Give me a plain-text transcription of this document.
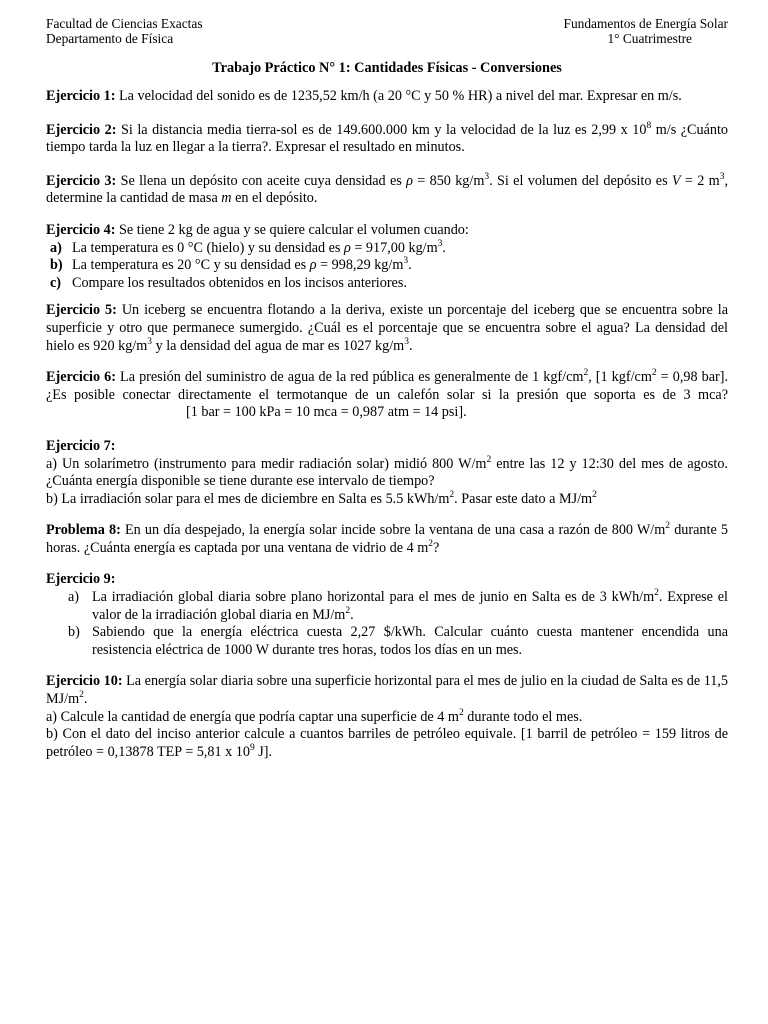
Facultad de Ciencias Exactas
Departamento de Física
Fundamentos de Energía Solar
1° Cuatrimestre
Trabajo Práctico N° 1: Cantidades Físicas - Conversiones

Ejercicio 1: La velocidad del sonido es de 1235,52 km/h (a 20 °C y 50 % HR) a nivel del mar. Expresar en m/s.

Ejercicio 2: Si la distancia media tierra-sol es de 149.600.000 km y la velocidad de la luz es 2,99 x $10^8$ m/s ¿Cuánto tiempo tarda la luz en llegar a la tierra?. Expresar el resultado en minutos.

Ejercicio 3: Se llena un depósito con aceite cuya densidad es ρ = 850 $kg/m^3$. Si el volumen del depósito es V = 2 $m^3$, determine la cantidad de masa m en el depósito.

Ejercicio 4: Se tiene 2 kg de agua y se quiere calcular el volumen cuando:

a) La temperatura es 0 °C (hielo) y su densidad es ρ = 917,00 $kg/m^3$.
b) La temperatura es 20 °C y su densidad es ρ = 998,29 $kg/m^3$.
c) Compare los resultados obtenidos en los incisos anteriores.

Ejercicio 5: Un iceberg se encuentra flotando a la deriva, existe un porcentaje del iceberg que se encuentra sobre la superficie y otro que permanece sumergido. ¿Cuál es el porcentaje que se encuentra sobre el agua? La densidad del hielo es 920 $kg/m^3$ y la densidad del agua de mar es 1027 $kg/m^3$.

Ejercicio 6: La presión del suministro de agua de la red pública es generalmente de 1 kgf/$cm^2$, [1 kgf/$cm^2 = 0,98$ bar]. ¿Es posible conectar directamente el termotanque de un calefón solar si la presión que soporta es de 3 mca? [1 bar = 100 kPa = 10 mca = 0,987 atm = 14 psi].

Ejercicio 7:

a) Un solarímetro (instrumento para medir radiación solar) midió 800 $W/m^2$ entre las 12 y 12:30 del mes de agosto. ¿Cuánta energía disponible se tiene durante ese intervalo de tiempo?

b) La irradiación solar para el mes de diciembre en Salta es 5.5 kWh/$m^2$. Pasar este dato a $MJ/m^2$

Problema 8: En un día despejado, la energía solar incide sobre la ventana de una casa a razón de 800 $W/m^2$ durante 5 horas. ¿Cuánta energía es captada por una ventana de vidrio de 4 $m^2$?

Ejercicio 9:

a) La irradiación global diaria sobre plano horizontal para el mes de junio en Salta es de 3 kWh/$m^2$. Exprese el valor de la irradiación global diaria en $MJ/m^2$.
b) Sabiendo que la energía eléctrica cuesta 2,27 $/kWh. Calcular cuánto cuesta mantener encendida una resistencia eléctrica de 1000 W durante tres horas, todos los días en un mes.

Ejercicio 10: La energía solar diaria sobre una superficie horizontal para el mes de julio en la ciudad de Salta es de 11,5 $MJ/m^2$.

a) Calcule la cantidad de energía que podría captar una superficie de 4 $m^2$ durante todo el mes.

b) Con el dato del inciso anterior calcule a cuantos barriles de petróleo equivale. [1 barril de petróleo = 159 litros de petróleo = 0,13878 TEP = 5,81 x $10^9$ J].
